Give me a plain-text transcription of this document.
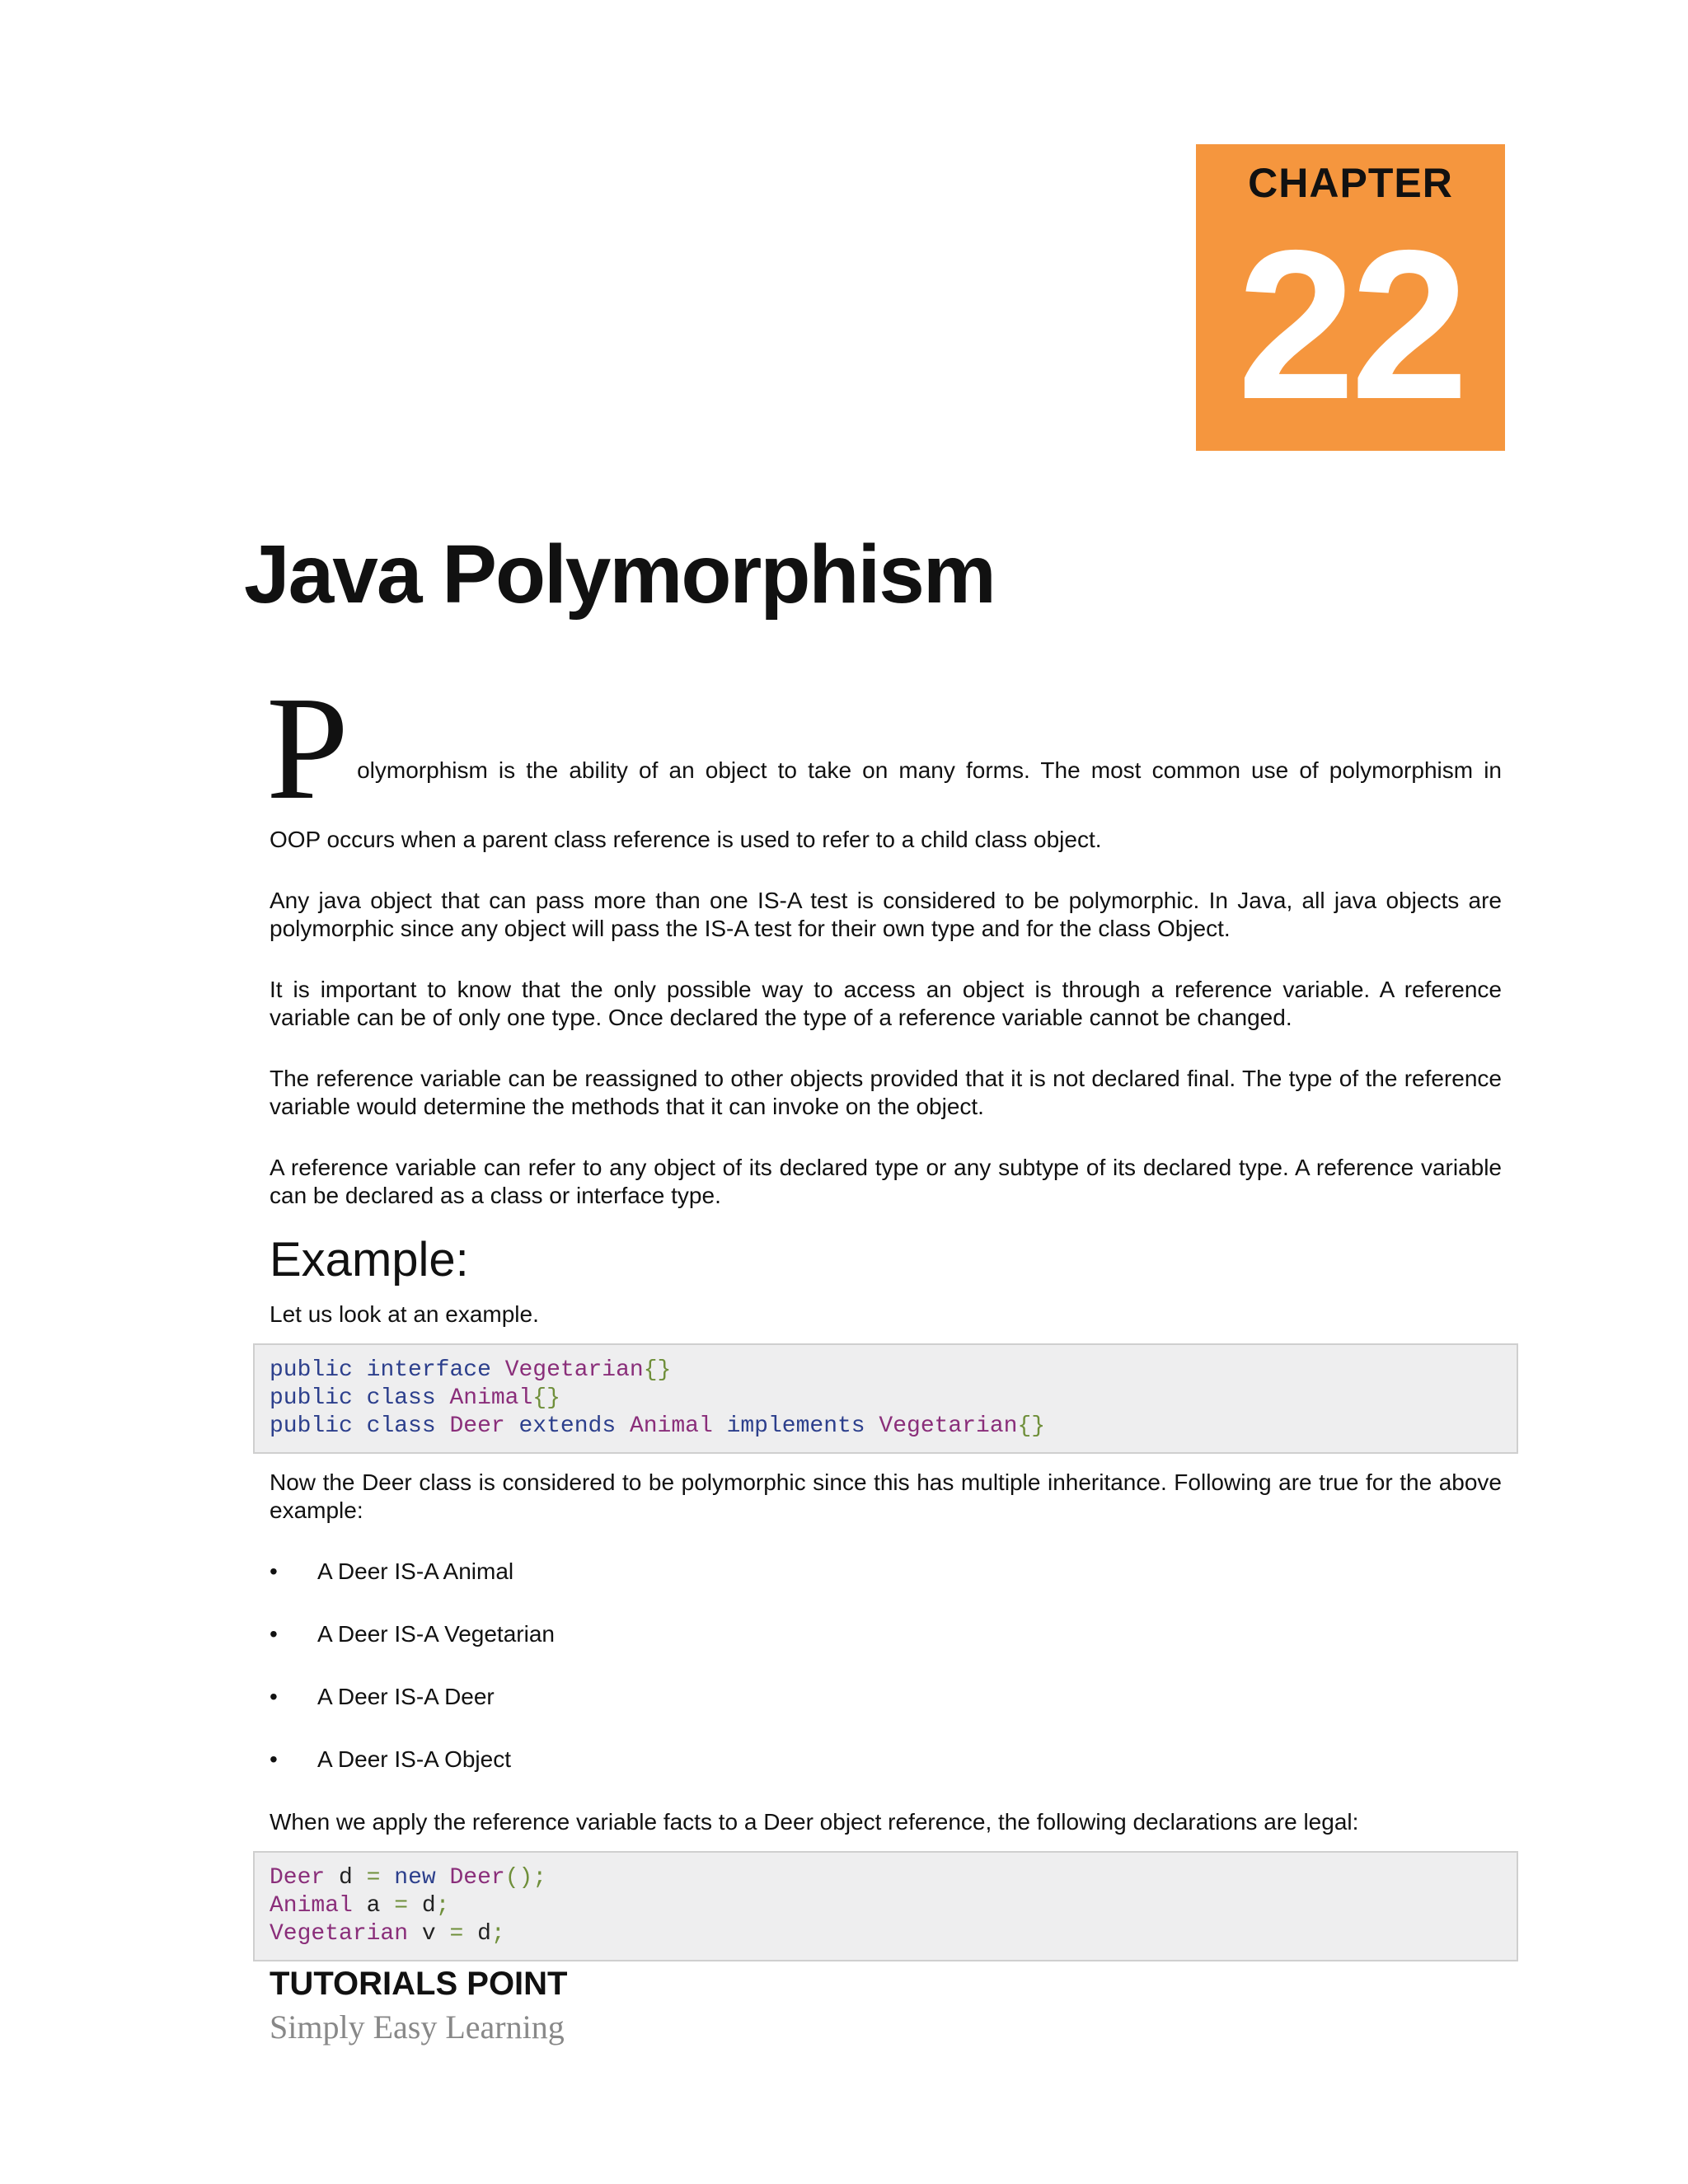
CHAPTER
22
Java Polymorphism
P olymorphism is the ability of an object to take on many forms. The most common use of polymorphism in

OOP occurs when a parent class reference is used to refer to a child class object.

Any java object that can pass more than one IS-A test is considered to be polymorphic. In Java, all java objects are polymorphic since any object will pass the IS-A test for their own type and for the class Object.

It is important to know that the only possible way to access an object is through a reference variable. A reference variable can be of only one type. Once declared the type of a reference variable cannot be changed.

The reference variable can be reassigned to other objects provided that it is not declared final. The type of the reference variable would determine the methods that it can invoke on the object.

A reference variable can refer to any object of its declared type or any subtype of its declared type. A reference variable can be declared as a class or interface type.

Example:

Let us look at an example.

public interface Vegetarian{}
public class Animal{}
public class Deer extends Animal implements Vegetarian{}

Now the Deer class is considered to be polymorphic since this has multiple inheritance. Following are true for the above example:

• A Deer IS-A Animal
• A Deer IS-A Vegetarian
• A Deer IS-A Deer
• A Deer IS-A Object

When we apply the reference variable facts to a Deer object reference, the following declarations are legal:

Deer d = new Deer();
Animal a = d;
Vegetarian v = d;
TUTORIALS POINT
Simply Easy Learning
